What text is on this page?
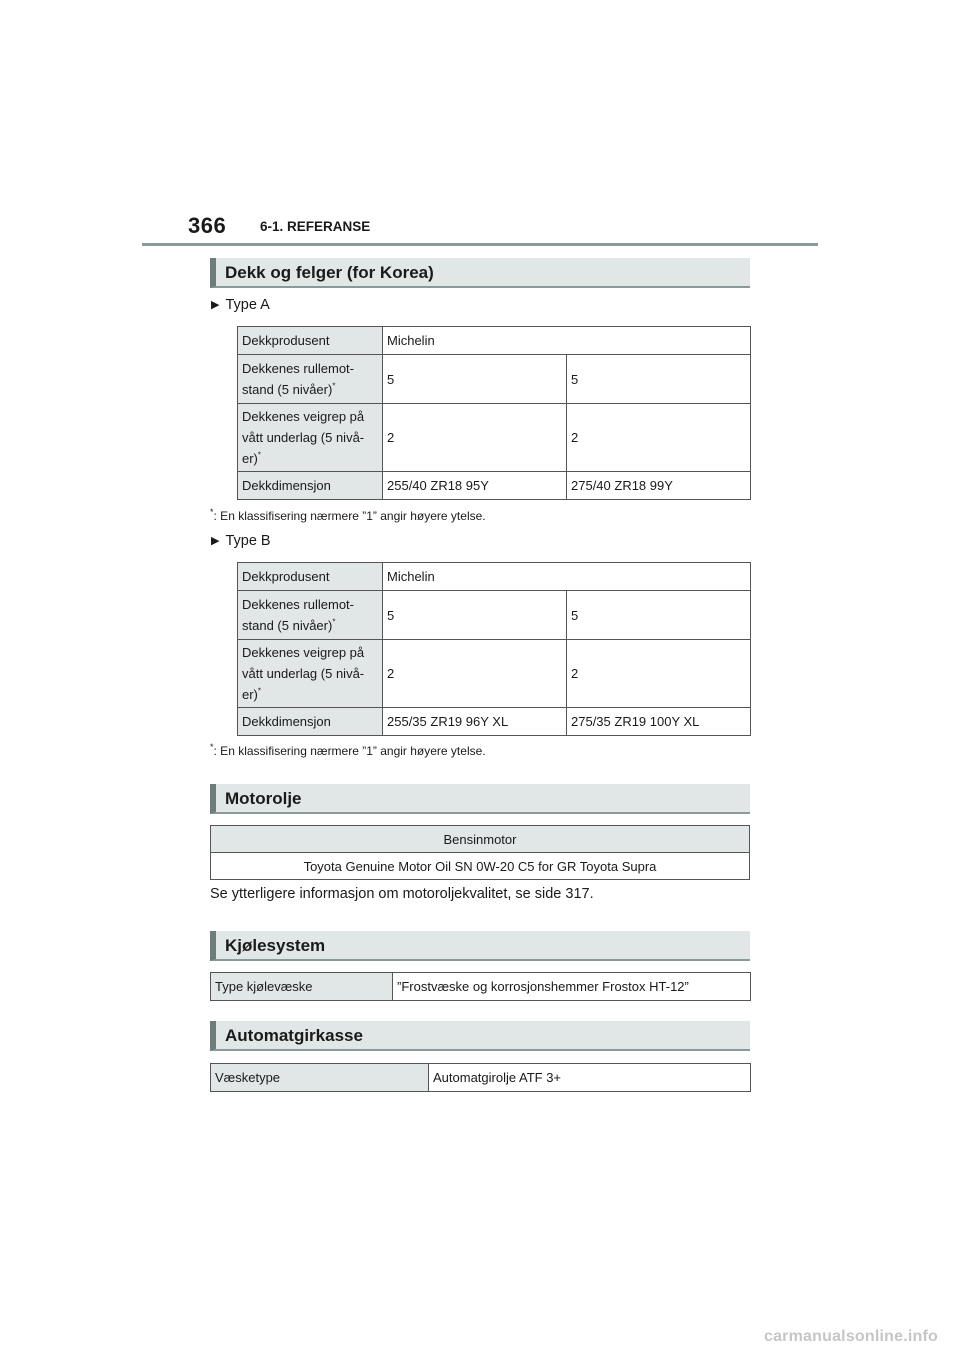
366	6-1. REFERANSE
Dekk og felger (for Korea)
▶ Type A
Dekkprodusent	Michelin	
Dekkenes rullemot-
stand (5 nivåer)*	5	5
Dekkenes veigrep på
vått underlag (5 nivå-
er)*	2	2
Dekkdimensjon	255/40 ZR18 95Y	275/40 ZR18 99Y
*: En klassifisering nærmere ”1” angir høyere ytelse.
▶ Type B
Dekkprodusent	Michelin	
Dekkenes rullemot-
stand (5 nivåer)*	5	5
Dekkenes veigrep på
vått underlag (5 nivå-
er)*	2	2
Dekkdimensjon	255/35 ZR19 96Y XL	275/35 ZR19 100Y XL
*: En klassifisering nærmere ”1” angir høyere ytelse.
Motorolje
Bensinmotor
Toyota Genuine Motor Oil SN 0W-20 C5 for GR Toyota Supra
Se ytterligere informasjon om motoroljekvalitet, se side 317.
Kjølesystem
Type kjølevæske	”Frostvæske og korrosjonshemmer Frostox HT-12”
Automatgirkasse
Væsketype	Automatgirolje ATF 3+
carmanualsonline.info
